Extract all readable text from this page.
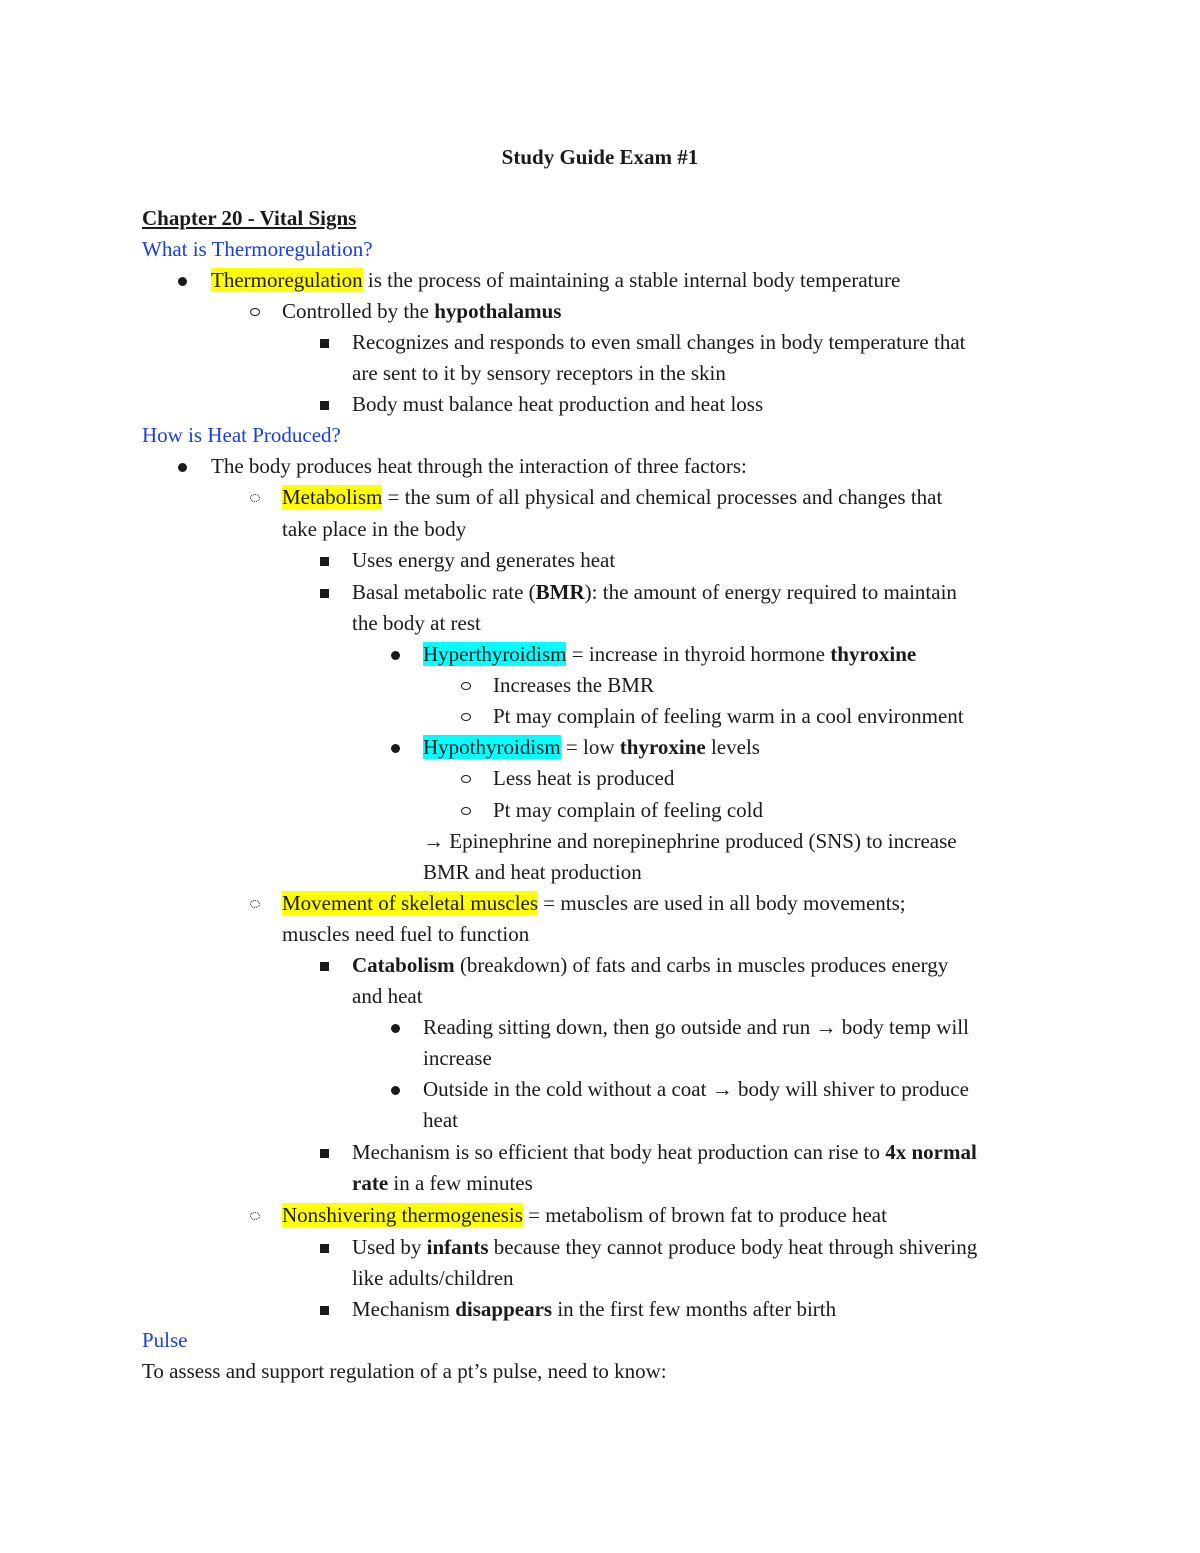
Study Guide Exam #1
Chapter 20 - Vital Signs
What is Thermoregulation?
Thermoregulation is the process of maintaining a stable internal body temperature
Controlled by the hypothalamus
Recognizes and responds to even small changes in body temperature that
are sent to it by sensory receptors in the skin
Body must balance heat production and heat loss
How is Heat Produced?
The body produces heat through the interaction of three factors:
Metabolism = the sum of all physical and chemical processes and changes that
take place in the body
Uses energy and generates heat
Basal metabolic rate (BMR): the amount of energy required to maintain
the body at rest
Hyperthyroidism = increase in thyroid hormone thyroxine
Increases the BMR
Pt may complain of feeling warm in a cool environment
Hypothyroidism = low thyroxine levels
Less heat is produced
Pt may complain of feeling cold
→ Epinephrine and norepinephrine produced (SNS) to increase
BMR and heat production
Movement of skeletal muscles = muscles are used in all body movements;
muscles need fuel to function
Catabolism (breakdown) of fats and carbs in muscles produces energy
and heat
Reading sitting down, then go outside and run → body temp will
increase
Outside in the cold without a coat → body will shiver to produce
heat
Mechanism is so efficient that body heat production can rise to 4x normal
rate in a few minutes
Nonshivering thermogenesis = metabolism of brown fat to produce heat
Used by infants because they cannot produce body heat through shivering
like adults/children
Mechanism disappears in the first few months after birth
Pulse
To assess and support regulation of a pt’s pulse, need to know:
